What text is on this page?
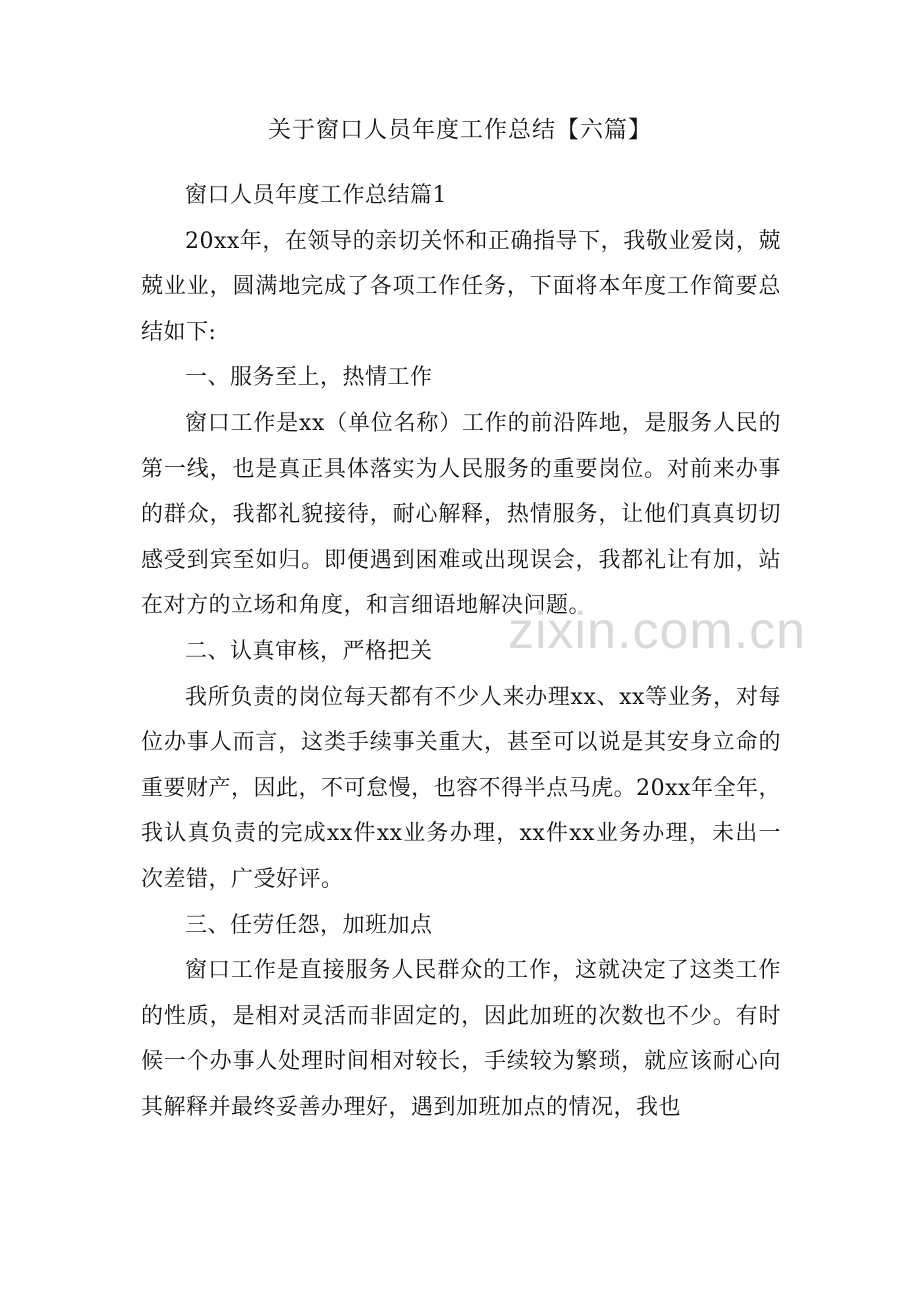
关于窗口人员年度工作总结【六篇】

窗口人员年度工作总结篇1

20xx年，在领导的亲切关怀和正确指导下，我敬业爱岗，兢兢业业，圆满地完成了各项工作任务，下面将本年度工作简要总结如下:

一、服务至上，热情工作

窗口工作是xx（单位名称）工作的前沿阵地，是服务人民的第一线，也是真正具体落实为人民服务的重要岗位。对前来办事的群众，我都礼貌接待，耐心解释，热情服务，让他们真真切切感受到宾至如归。即便遇到困难或出现误会，我都礼让有加，站在对方的立场和角度，和言细语地解决问题。

二、认真审核，严格把关

我所负责的岗位每天都有不少人来办理xx、xx等业务，对每位办事人而言，这类手续事关重大，甚至可以说是其安身立命的重要财产，因此，不可怠慢，也容不得半点马虎。20xx年全年，我认真负责的完成xx件xx业务办理，xx件xx业务办理，未出一次差错，广受好评。

三、任劳任怨，加班加点

窗口工作是直接服务人民群众的工作，这就决定了这类工作的性质，是相对灵活而非固定的，因此加班的次数也不少。有时候一个办事人处理时间相对较长，手续较为繁琐，就应该耐心向其解释并最终妥善办理好，遇到加班加点的情况，我也

zixin.com.cn
